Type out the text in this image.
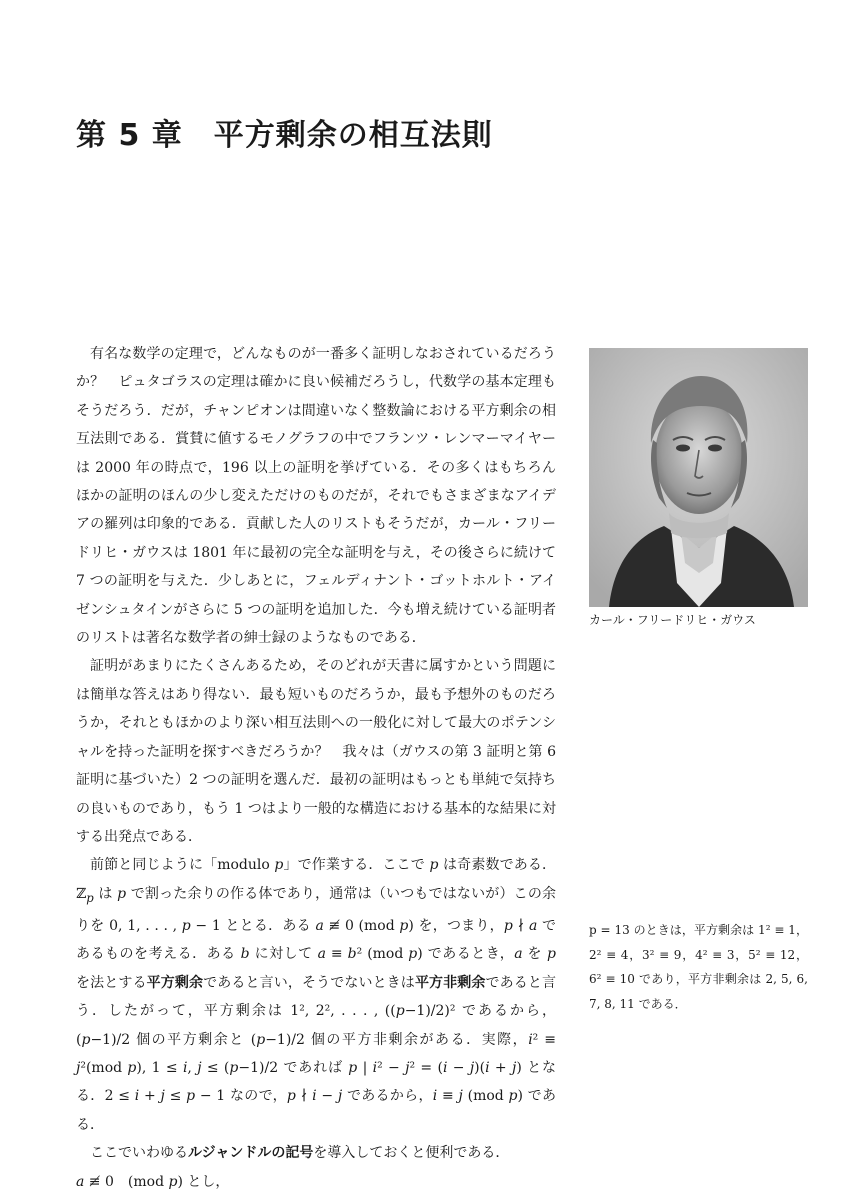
第 5 章　平方剰余の相互法則

有名な数学の定理で，どんなものが一番多く証明しなおされているだろうか？　ピュタゴラスの定理は確かに良い候補だろうし，代数学の基本定理もそうだろう．だが，チャンピオンは間違いなく整数論における平方剰余の相互法則である．賞賛に値するモノグラフの中でフランツ・レンマーマイヤーは 2000 年の時点で，196 以上の証明を挙げている．その多くはもちろんほかの証明のほんの少し変えただけのものだが，それでもさまざまなアイデアの羅列は印象的である．貢献した人のリストもそうだが，カール・フリードリヒ・ガウスは 1801 年に最初の完全な証明を与え，その後さらに続けて 7 つの証明を与えた．少しあとに，フェルディナント・ゴットホルト・アイゼンシュタインがさらに 5 つの証明を追加した．今も増え続けている証明者のリストは著名な数学者の紳士録のようなものである．

証明があまりにたくさんあるため，そのどれが天書に属すかという問題には簡単な答えはあり得ない．最も短いものだろうか，最も予想外のものだろうか，それともほかのより深い相互法則への一般化に対して最大のポテンシャルを持った証明を探すべきだろうか？　我々は（ガウスの第 3 証明と第 6 証明に基づいた）2 つの証明を選んだ．最初の証明はもっとも単純で気持ちの良いものであり，もう 1 つはより一般的な構造における基本的な結果に対する出発点である．

前節と同じように「modulo p」で作業する．ここで p は奇素数である．ℤ$_p$ は p で割った余りの作る体であり，通常は（いつもではないが）この余りを 0, 1, . . . , p − 1 ととる．ある a ≢ 0 (mod p) を，つまり，p ∤ a であるものを考える．ある b に対して a ≡ b² (mod p) であるとき，a を p を法とする平方剰余であると言い，そうでないときは平方非剰余であると言う．したがって，平方剰余は 1², 2², . . . , ((p−1)/2)² であるから，(p−1)/2 個の平方剰余と (p−1)/2 個の平方非剰余がある．実際，i² ≡ j²(mod p), 1 ≤ i, j ≤ (p−1)/2 であれば p | i² − j² = (i − j)(i + j) となる．2 ≤ i + j ≤ p − 1 なので，p ∤ i − j であるから，i ≡ j (mod p) である．

ここでいわゆるルジャンドルの記号を導入しておくと便利である．
a ≢ 0　(mod p) とし，

カール・フリードリヒ・ガウス
p = 13 のときは，平方剰余は 1² ≡ 1，2² ≡ 4，3² ≡ 9，4² ≡ 3，5² ≡ 12，6² ≡ 10 であり，平方非剰余は 2, 5, 6, 7, 8, 11 である．
